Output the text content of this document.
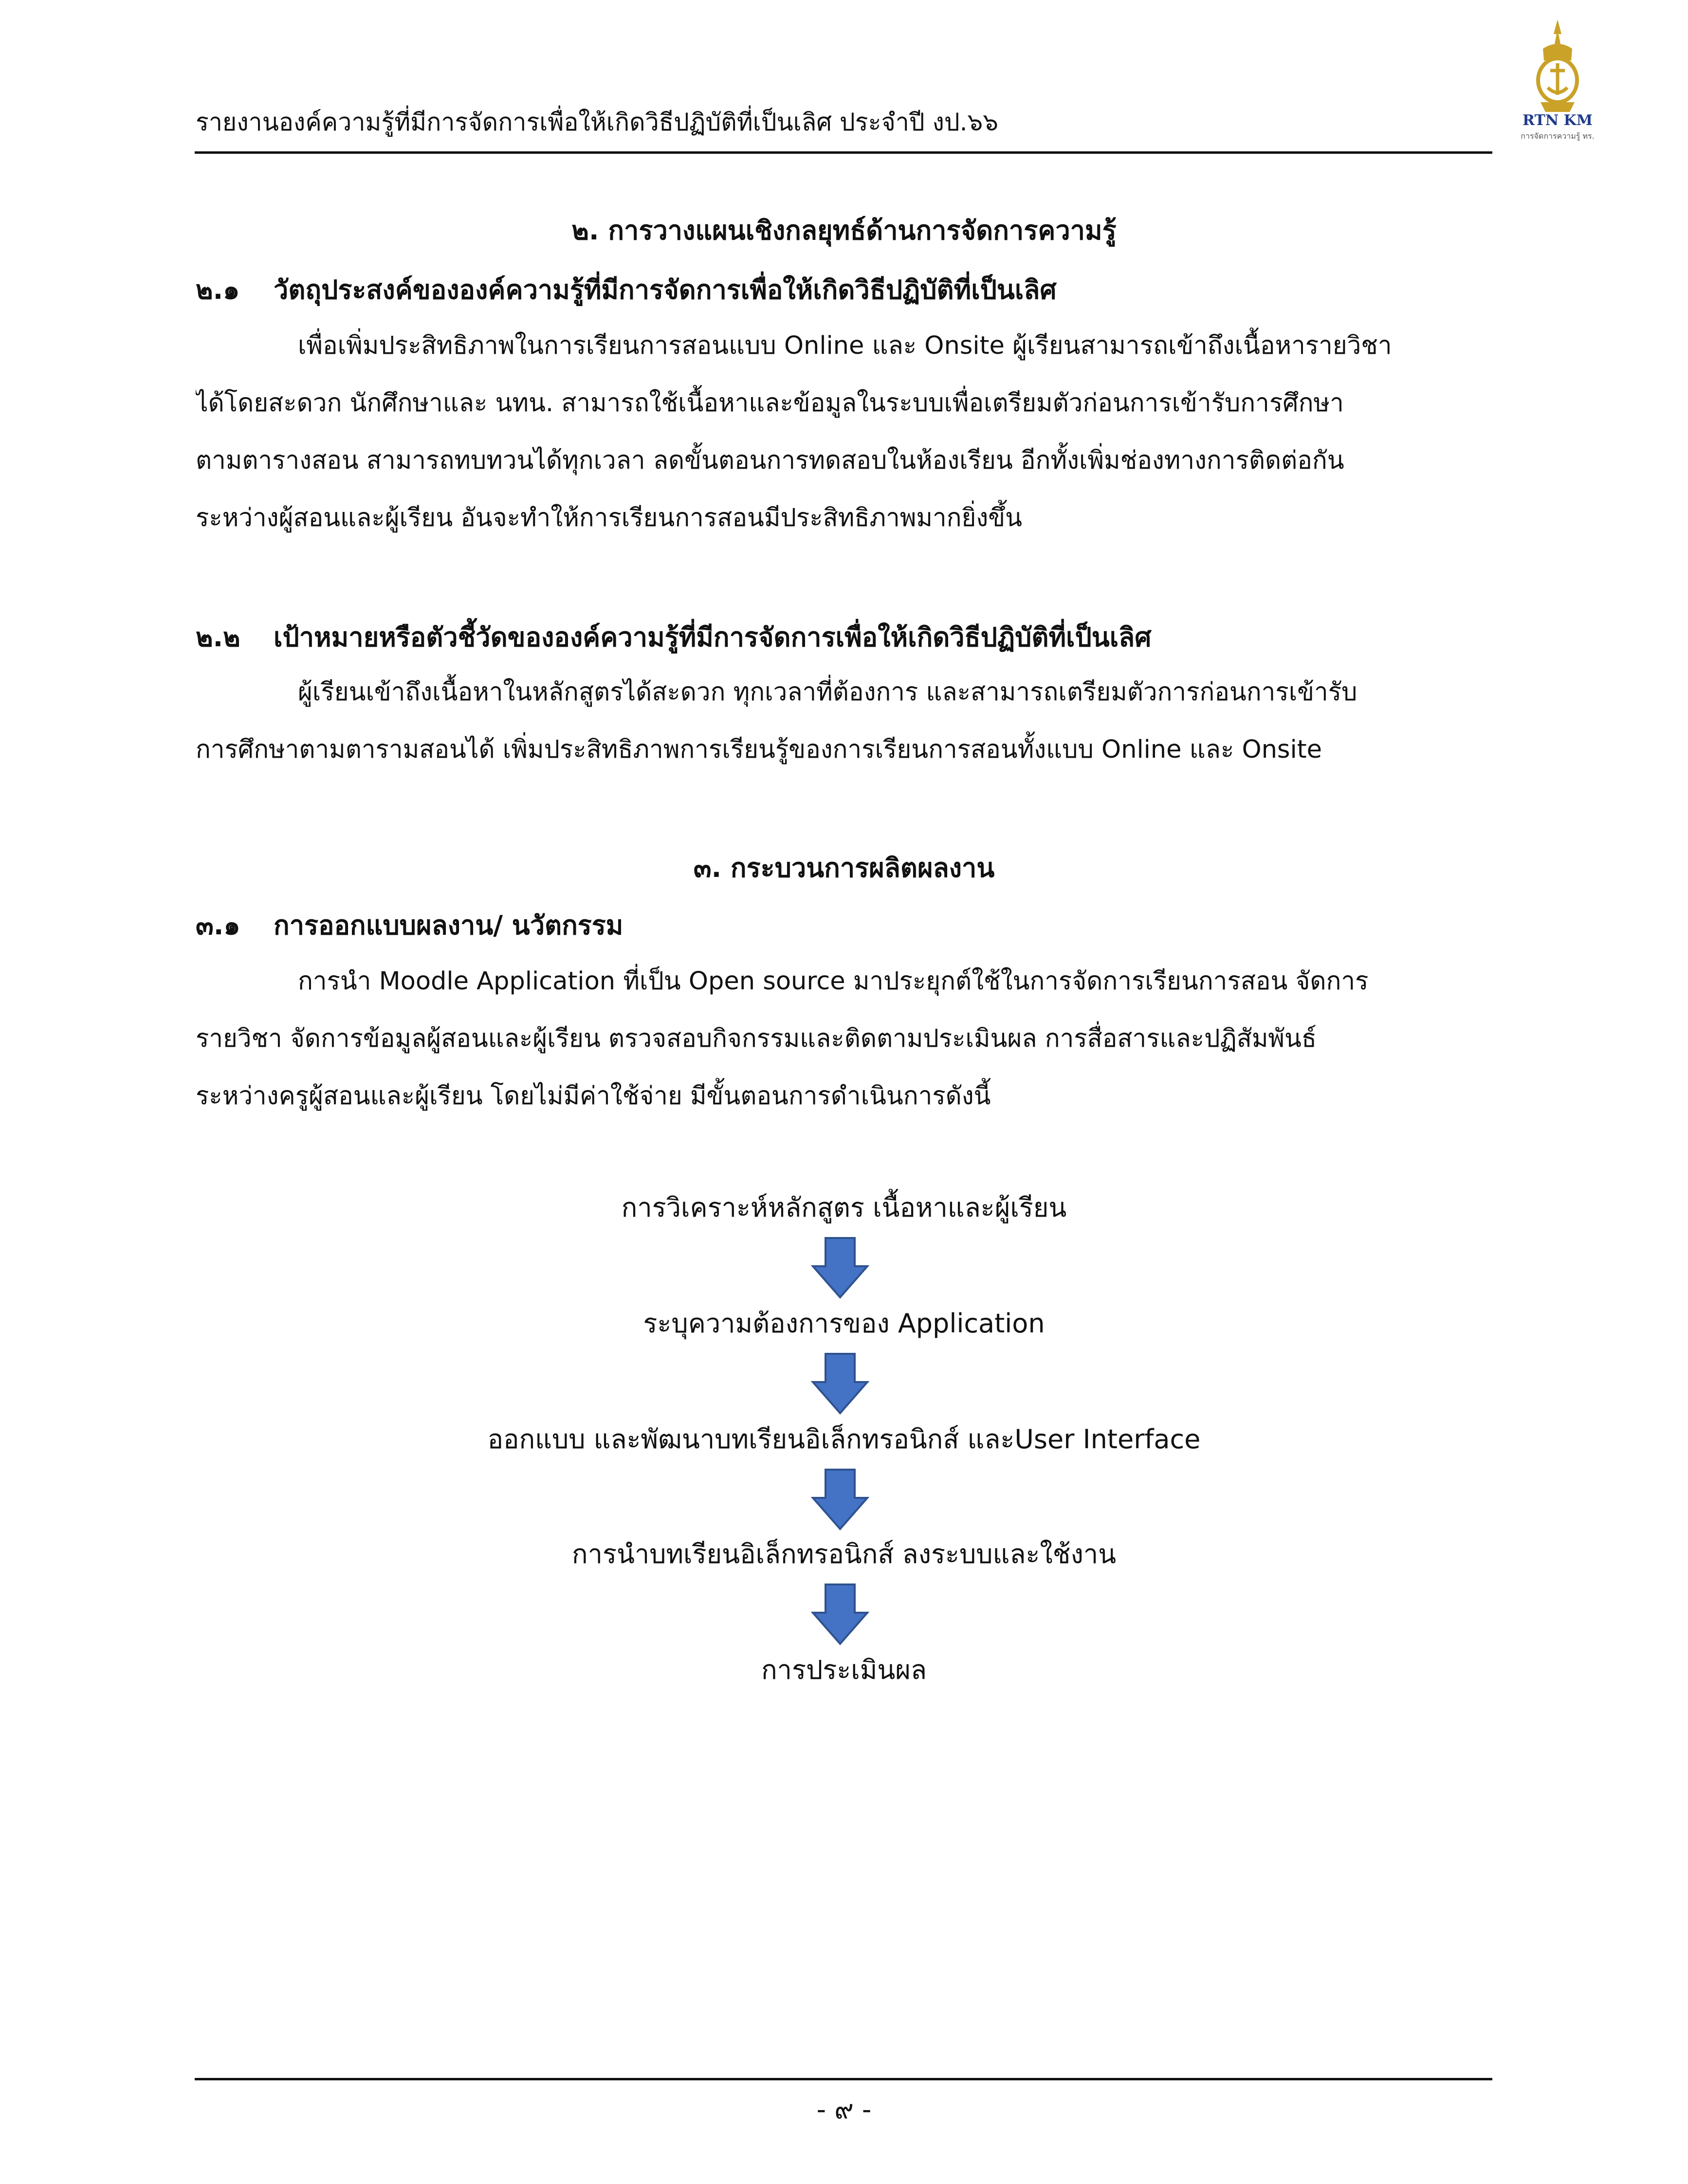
รายงานองค์ความรู้ที่มีการจัดการเพื่อให้เกิดวิธีปฏิบัติที่เป็นเลิศ ประจำปี งป.๖๖	RTN KM
การจัดการความรู้ ทร.
๒. การวางแผนเชิงกลยุทธ์ด้านการจัดการความรู้
๒.๑ วัตถุประสงค์ขององค์ความรู้ที่มีการจัดการเพื่อให้เกิดวิธีปฏิบัติที่เป็นเลิศ
เพื่อเพิ่มประสิทธิภาพในการเรียนการสอนแบบ Online และ Onsite ผู้เรียนสามารถเข้าถึงเนื้อหารายวิชา
ได้โดยสะดวก นักศึกษาและ นทน. สามารถใช้เนื้อหาและข้อมูลในระบบเพื่อเตรียมตัวก่อนการเข้ารับการศึกษา
ตามตารางสอน สามารถทบทวนได้ทุกเวลา ลดขั้นตอนการทดสอบในห้องเรียน อีกทั้งเพิ่มช่องทางการติดต่อกัน
ระหว่างผู้สอนและผู้เรียน อันจะทำให้การเรียนการสอนมีประสิทธิภาพมากยิ่งขึ้น
๒.๒ เป้าหมายหรือตัวชี้วัดขององค์ความรู้ที่มีการจัดการเพื่อให้เกิดวิธีปฏิบัติที่เป็นเลิศ
ผู้เรียนเข้าถึงเนื้อหาในหลักสูตรได้สะดวก ทุกเวลาที่ต้องการ และสามารถเตรียมตัวการก่อนการเข้ารับ
การศึกษาตามตารามสอนได้ เพิ่มประสิทธิภาพการเรียนรู้ของการเรียนการสอนทั้งแบบ Online และ Onsite
๓. กระบวนการผลิตผลงาน
๓.๑ การออกแบบผลงาน/ นวัตกรรม
การนำ Moodle Application ที่เป็น Open source มาประยุกต์ใช้ในการจัดการเรียนการสอน จัดการ
รายวิชา จัดการข้อมูลผู้สอนและผู้เรียน ตรวจสอบกิจกรรมและติดตามประเมินผล การสื่อสารและปฏิสัมพันธ์
ระหว่างครูผู้สอนและผู้เรียน โดยไม่มีค่าใช้จ่าย มีขั้นตอนการดำเนินการดังนี้
การวิเคราะห์หลักสูตร เนื้อหาและผู้เรียน
ระบุความต้องการของ Application
ออกแบบ และพัฒนาบทเรียนอิเล็กทรอนิกส์ และUser Interface
การนำบทเรียนอิเล็กทรอนิกส์ ลงระบบและใช้งาน
การประเมินผล
- ๙ -
